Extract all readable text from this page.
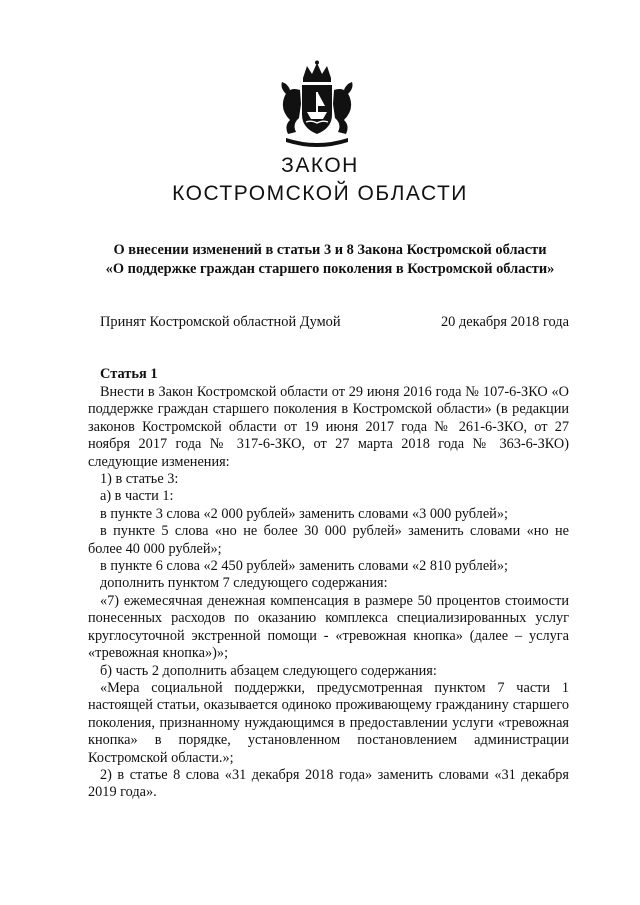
ЗАКОН
КОСТРОМСКОЙ ОБЛАСТИ
О внесении изменений в статьи 3 и 8 Закона Костромской области
«О поддержке граждан старшего поколения в Костромской области»
Принят Костромской областной Думой	20 декабря 2018 года
Статья 1

Внести в Закон Костромской области от 29 июня 2016 года № 107-6-ЗКО «О поддержке граждан старшего поколения в Костромской области» (в редакции законов Костромской области от 19 июня 2017 года № 261-6-ЗКО, от 27 ноября 2017 года № 317-6-ЗКО, от 27 марта 2018 года № 363-6-ЗКО) следующие изменения:

1) в статье 3:

а) в части 1:

в пункте 3 слова «2 000 рублей» заменить словами «3 000 рублей»;

в пункте 5 слова «но не более 30 000 рублей» заменить словами «но не более 40 000 рублей»;

в пункте 6 слова «2 450 рублей» заменить словами «2 810 рублей»;

дополнить пунктом 7 следующего содержания:

«7) ежемесячная денежная компенсация в размере 50 процентов стоимости понесенных расходов по оказанию комплекса специализированных услуг круглосуточной экстренной помощи - «тревожная кнопка» (далее – услуга «тревожная кнопка»)»;

б) часть 2 дополнить абзацем следующего содержания:

«Мера социальной поддержки, предусмотренная пунктом 7 части 1 настоящей статьи, оказывается одиноко проживающему гражданину старшего поколения, признанному нуждающимся в предоставлении услуги «тревожная кнопка» в порядке, установленном постановлением администрации Костромской области.»;

2) в статье 8 слова «31 декабря 2018 года» заменить словами «31 декабря 2019 года».
